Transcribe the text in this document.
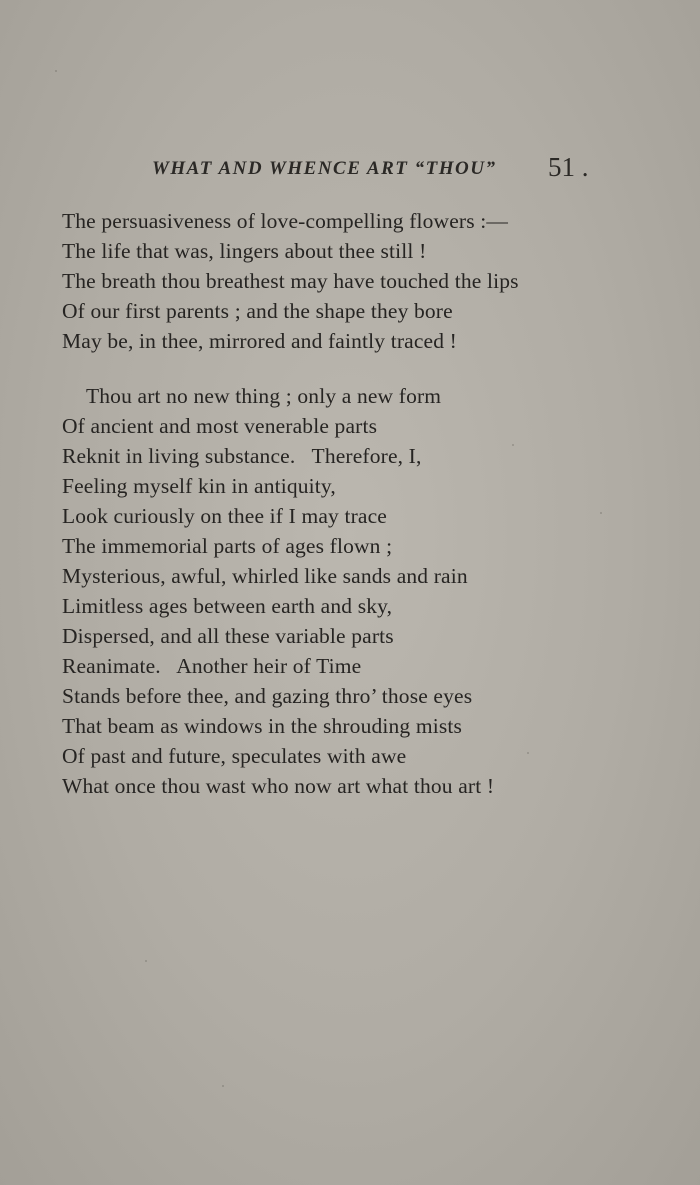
WHAT AND WHENCE ART “THOU” 51 .
The persuasiveness of love-compelling flowers :—
The life that was, lingers about thee still !
The breath thou breathest may have touched the lips
Of our first parents ; and the shape they bore
May be, in thee, mirrored and faintly traced !
Thou art no new thing ; only a new form
Of ancient and most venerable parts
Reknit in living substance.   Therefore, I,
Feeling myself kin in antiquity,
Look curiously on thee if I may trace
The immemorial parts of ages flown ;
Mysterious, awful, whirled like sands and rain
Limitless ages between earth and sky,
Dispersed, and all these variable parts
Reanimate.   Another heir of Time
Stands before thee, and gazing thro’ those eyes
That beam as windows in the shrouding mists
Of past and future, speculates with awe
What once thou wast who now art what thou art !
